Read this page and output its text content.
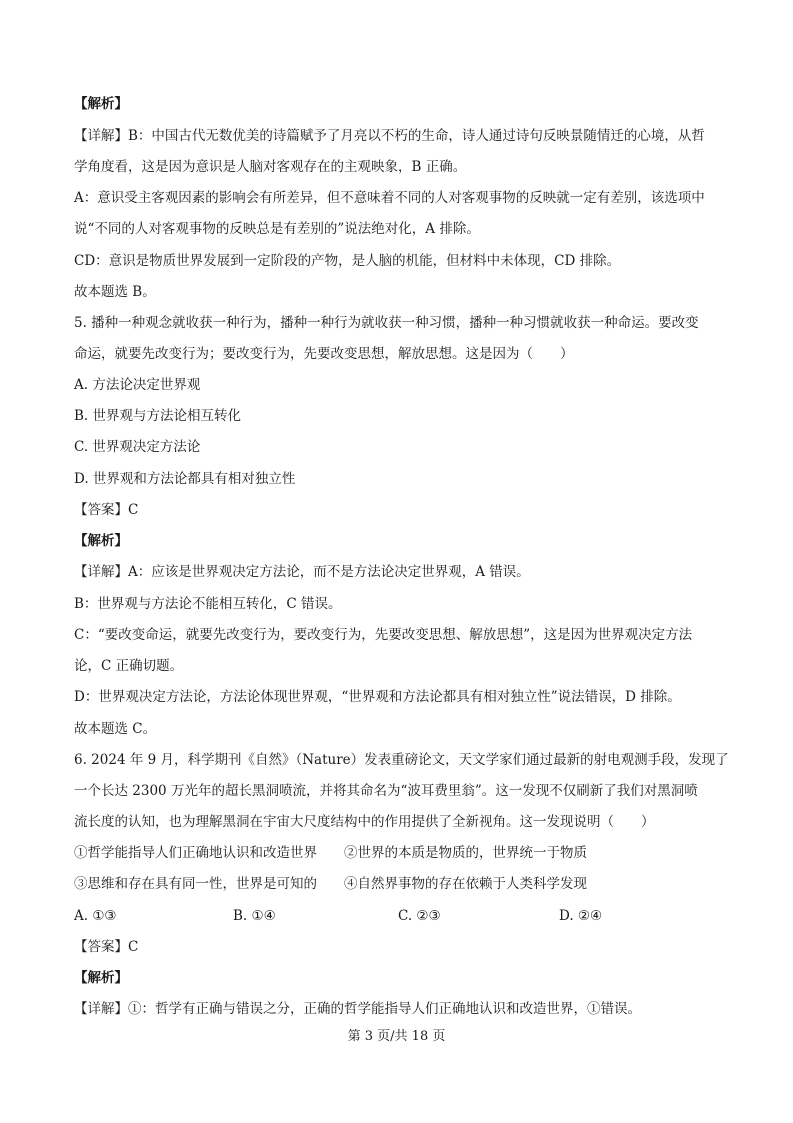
【解析】
【详解】B：中国古代无数优美的诗篇赋予了月亮以不朽的生命，诗人通过诗句反映景随情迁的心境，从哲
学角度看，这是因为意识是人脑对客观存在的主观映象，B 正确。
A：意识受主客观因素的影响会有所差异，但不意味着不同的人对客观事物的反映就一定有差别，该选项中
说“不同的人对客观事物的反映总是有差别的”说法绝对化，A 排除。
CD：意识是物质世界发展到一定阶段的产物，是人脑的机能，但材料中未体现，CD 排除。
故本题选 B。
5. 播种一种观念就收获一种行为，播种一种行为就收获一种习惯，播种一种习惯就收获一种命运。要改变
命运，就要先改变行为；要改变行为，先要改变思想，解放思想。这是因为（　　）
A. 方法论决定世界观
B. 世界观与方法论相互转化
C. 世界观决定方法论
D. 世界观和方法论都具有相对独立性
【答案】C
【解析】
【详解】A：应该是世界观决定方法论，而不是方法论决定世界观，A 错误。
B：世界观与方法论不能相互转化，C 错误。
C：“要改变命运，就要先改变行为，要改变行为，先要改变思想、解放思想”，这是因为世界观决定方法
论，C 正确切题。
D：世界观决定方法论，方法论体现世界观，“世界观和方法论都具有相对独立性”说法错误，D 排除。
故本题选 C。
6. 2024 年 9 月，科学期刊《自然》（Nature）发表重磅论文，天文学家们通过最新的射电观测手段，发现了
一个长达 2300 万光年的超长黑洞喷流，并将其命名为“波耳费里翁”。这一发现不仅刷新了我们对黑洞喷
流长度的认知，也为理解黑洞在宇宙大尺度结构中的作用提供了全新视角。这一发现说明（　　）
①哲学能指导人们正确地认识和改造世界　　②世界的本质是物质的，世界统一于物质
③思维和存在具有同一性，世界是可知的　　④自然界事物的存在依赖于人类科学发现
A. ①③	B. ①④	C. ②③	D. ②④
【答案】C
【解析】
【详解】①：哲学有正确与错误之分，正确的哲学能指导人们正确地认识和改造世界，①错误。
第 3 页/共 18 页
